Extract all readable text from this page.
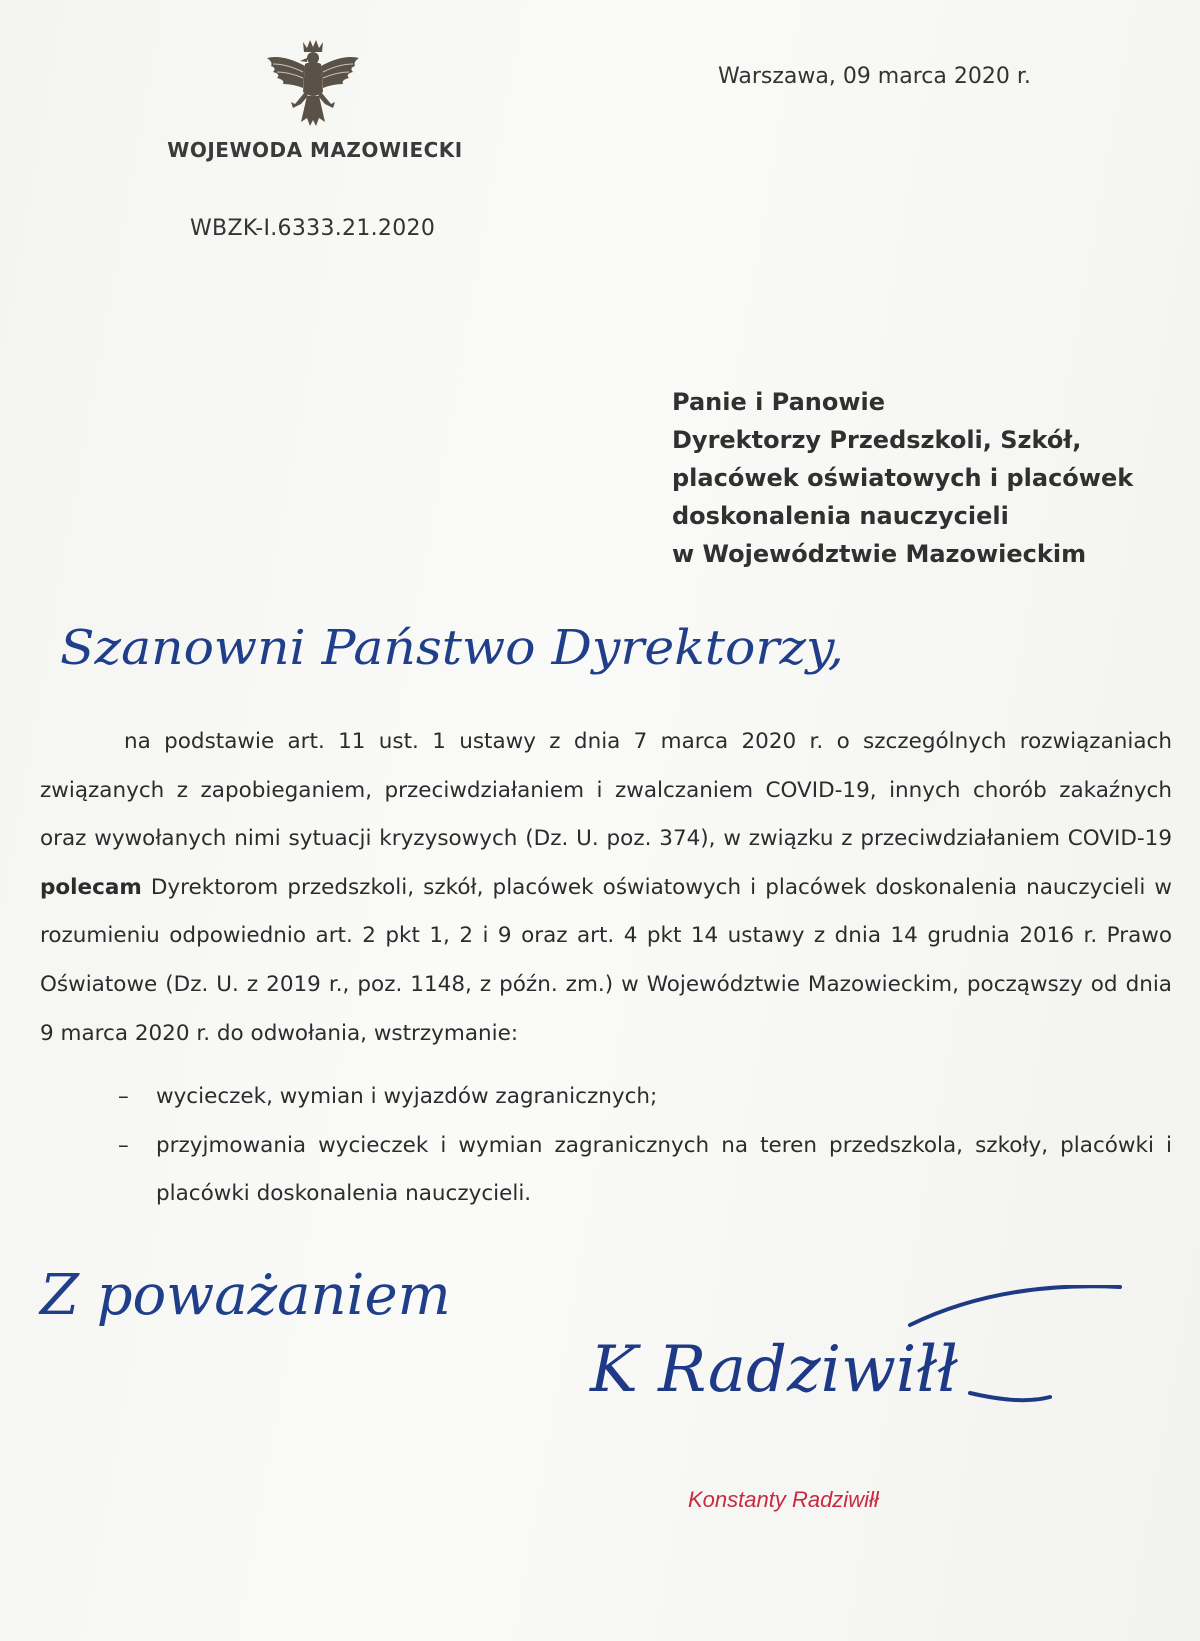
WOJEWODA MAZOWIECKI
WBZK-I.6333.21.2020
Warszawa, 09 marca 2020 r.
Panie i Panowie
Dyrektorzy Przedszkoli, Szkół,
placówek oświatowych i placówek
doskonalenia nauczycieli
w Województwie Mazowieckim
Szanowni Państwo Dyrektorzy,

na podstawie art. 11 ust. 1 ustawy z dnia 7 marca 2020 r. o szczególnych rozwiązaniach związanych z zapobieganiem, przeciwdziałaniem i zwalczaniem COVID-19, innych chorób zakaźnych oraz wywołanych nimi sytuacji kryzysowych (Dz. U. poz. 374), w związku z przeciwdziałaniem COVID-19 polecam Dyrektorom przedszkoli, szkół, placówek oświatowych i placówek doskonalenia nauczycieli w rozumieniu odpowiednio art. 2 pkt 1, 2 i 9 oraz art. 4 pkt 14 ustawy z dnia 14 grudnia 2016 r. Prawo Oświatowe (Dz. U. z 2019 r., poz. 1148, z późn. zm.) w Województwie Mazowieckim, począwszy od dnia 9 marca 2020 r. do odwołania, wstrzymanie:

– wycieczek, wymian i wyjazdów zagranicznych;
– przyjmowania wycieczek i wymian zagranicznych na teren przedszkola, szkoły, placówki i placówki doskonalenia nauczycieli.
Z poważaniem
K Radziwiłł
Konstanty Radziwiłł
